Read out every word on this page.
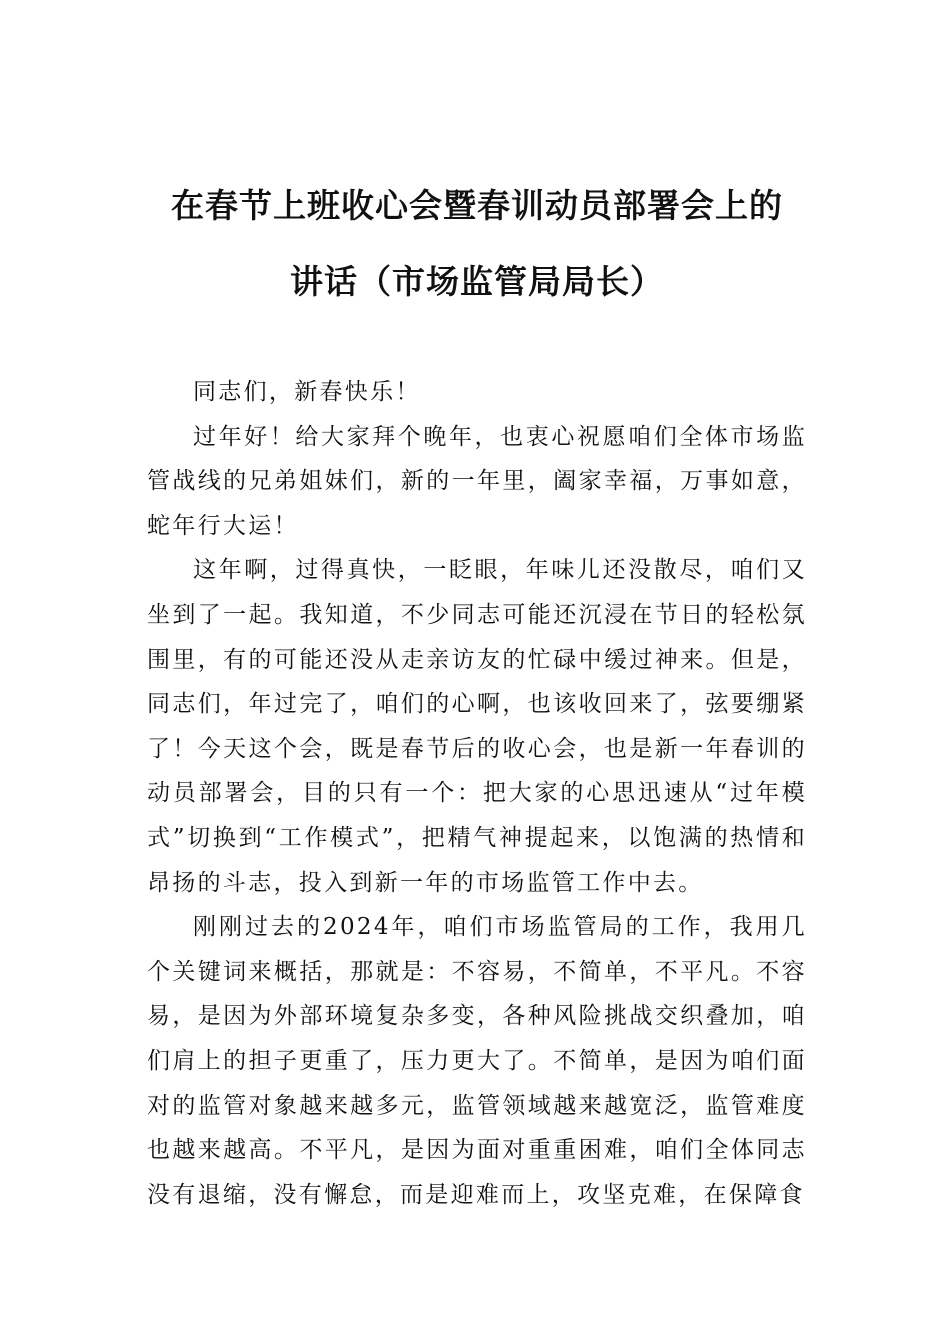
在春节上班收心会暨春训动员部署会上的
讲话（市场监管局局长）

同志们，新春快乐！

过年好！给大家拜个晚年，也衷心祝愿咱们全体市场监管战线的兄弟姐妹们，新的一年里，阖家幸福，万事如意，蛇年行大运！

这年啊，过得真快，一眨眼，年味儿还没散尽，咱们又坐到了一起。我知道，不少同志可能还沉浸在节日的轻松氛围里，有的可能还没从走亲访友的忙碌中缓过神来。但是，同志们，年过完了，咱们的心啊，也该收回来了，弦要绷紧了！今天这个会，既是春节后的收心会，也是新一年春训的动员部署会，目的只有一个：把大家的心思迅速从“过年模式”切换到“工作模式”，把精气神提起来，以饱满的热情和昂扬的斗志，投入到新一年的市场监管工作中去。

刚刚过去的2024年，咱们市场监管局的工作，我用几个关键词来概括，那就是：不容易，不简单，不平凡。不容易，是因为外部环境复杂多变，各种风险挑战交织叠加，咱们肩上的担子更重了，压力更大了。不简单，是因为咱们面对的监管对象越来越多元，监管领域越来越宽泛，监管难度也越来越高。不平凡，是因为面对重重困难，咱们全体同志没有退缩，没有懈怠，而是迎难而上，攻坚克难，在保障食
